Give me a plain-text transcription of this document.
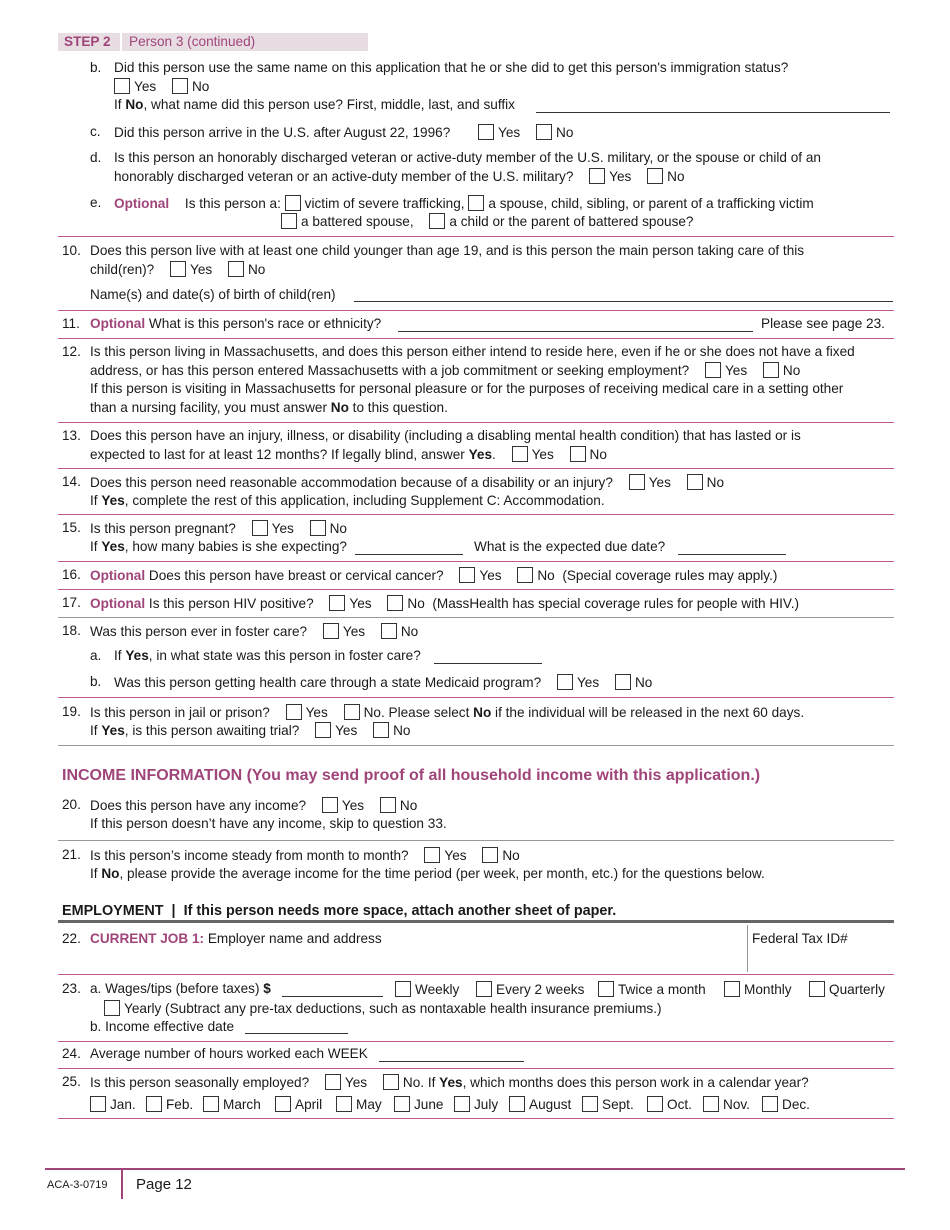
STEP 2 Person 3 (continued)
b. Did this person use the same name on this application that he or she did to get this person's immigration status?
Yes	No
If No, what name did this person use? First, middle, last, and suffix
c. Did this person arrive in the U.S. after August 22, 1996?	Yes	No
d. Is this person an honorably discharged veteran or active-duty member of the U.S. military, or the spouse or child of an
honorably discharged veteran or an active-duty member of the U.S. military?	Yes	No
e. Optional Is this person a: victim of severe trafficking, a spouse, child, sibling, or parent of a trafficking victim
a battered spouse,	a child or the parent of battered spouse?
10. Does this person live with at least one child younger than age 19, and is this person the main person taking care of this
child(ren)?	Yes	No
Name(s) and date(s) of birth of child(ren)
11. Optional What is this person's race or ethnicity?	Please see page 23.
12. Is this person living in Massachusetts, and does this person either intend to reside here, even if he or she does not have a fixed
address, or has this person entered Massachusetts with a job commitment or seeking employment?	Yes	No
If this person is visiting in Massachusetts for personal pleasure or for the purposes of receiving medical care in a setting other
than a nursing facility, you must answer No to this question.
13. Does this person have an injury, illness, or disability (including a disabling mental health condition) that has lasted or is
expected to last for at least 12 months? If legally blind, answer Yes.	Yes	No
14. Does this person need reasonable accommodation because of a disability or an injury?	Yes	No
If Yes, complete the rest of this application, including Supplement C: Accommodation.
15. Is this person pregnant?	Yes	No
If Yes, how many babies is she expecting?	What is the expected due date?
16. Optional Does this person have breast or cervical cancer?	Yes	No (Special coverage rules may apply.)
17. Optional Is this person HIV positive?	Yes	No (MassHealth has special coverage rules for people with HIV.)
18. Was this person ever in foster care?	Yes	No
a. If Yes, in what state was this person in foster care?
b. Was this person getting health care through a state Medicaid program?	Yes	No
19. Is this person in jail or prison?	Yes	No. Please select No if the individual will be released in the next 60 days.
If Yes, is this person awaiting trial?	Yes	No
INCOME INFORMATION (You may send proof of all household income with this application.)
20. Does this person have any income?	Yes	No
If this person doesn’t have any income, skip to question 33.
21. Is this person’s income steady from month to month?	Yes	No
If No, please provide the average income for the time period (per week, per month, etc.) for the questions below.
EMPLOYMENT | If this person needs more space, attach another sheet of paper.
22. CURRENT JOB 1: Employer name and address	Federal Tax ID#
23. a. Wages/tips (before taxes) $	Weekly	Every 2 weeks	Twice a month	Monthly	Quarterly
Yearly (Subtract any pre-tax deductions, such as nontaxable health insurance premiums.)
b. Income effective date
24. Average number of hours worked each WEEK
25. Is this person seasonally employed?	Yes	No. If Yes, which months does this person work in a calendar year?
Jan.	Feb.	March	April	May	June	July	August	Sept.	Oct.	Nov.	Dec.
ACA-3-0719 Page 12
